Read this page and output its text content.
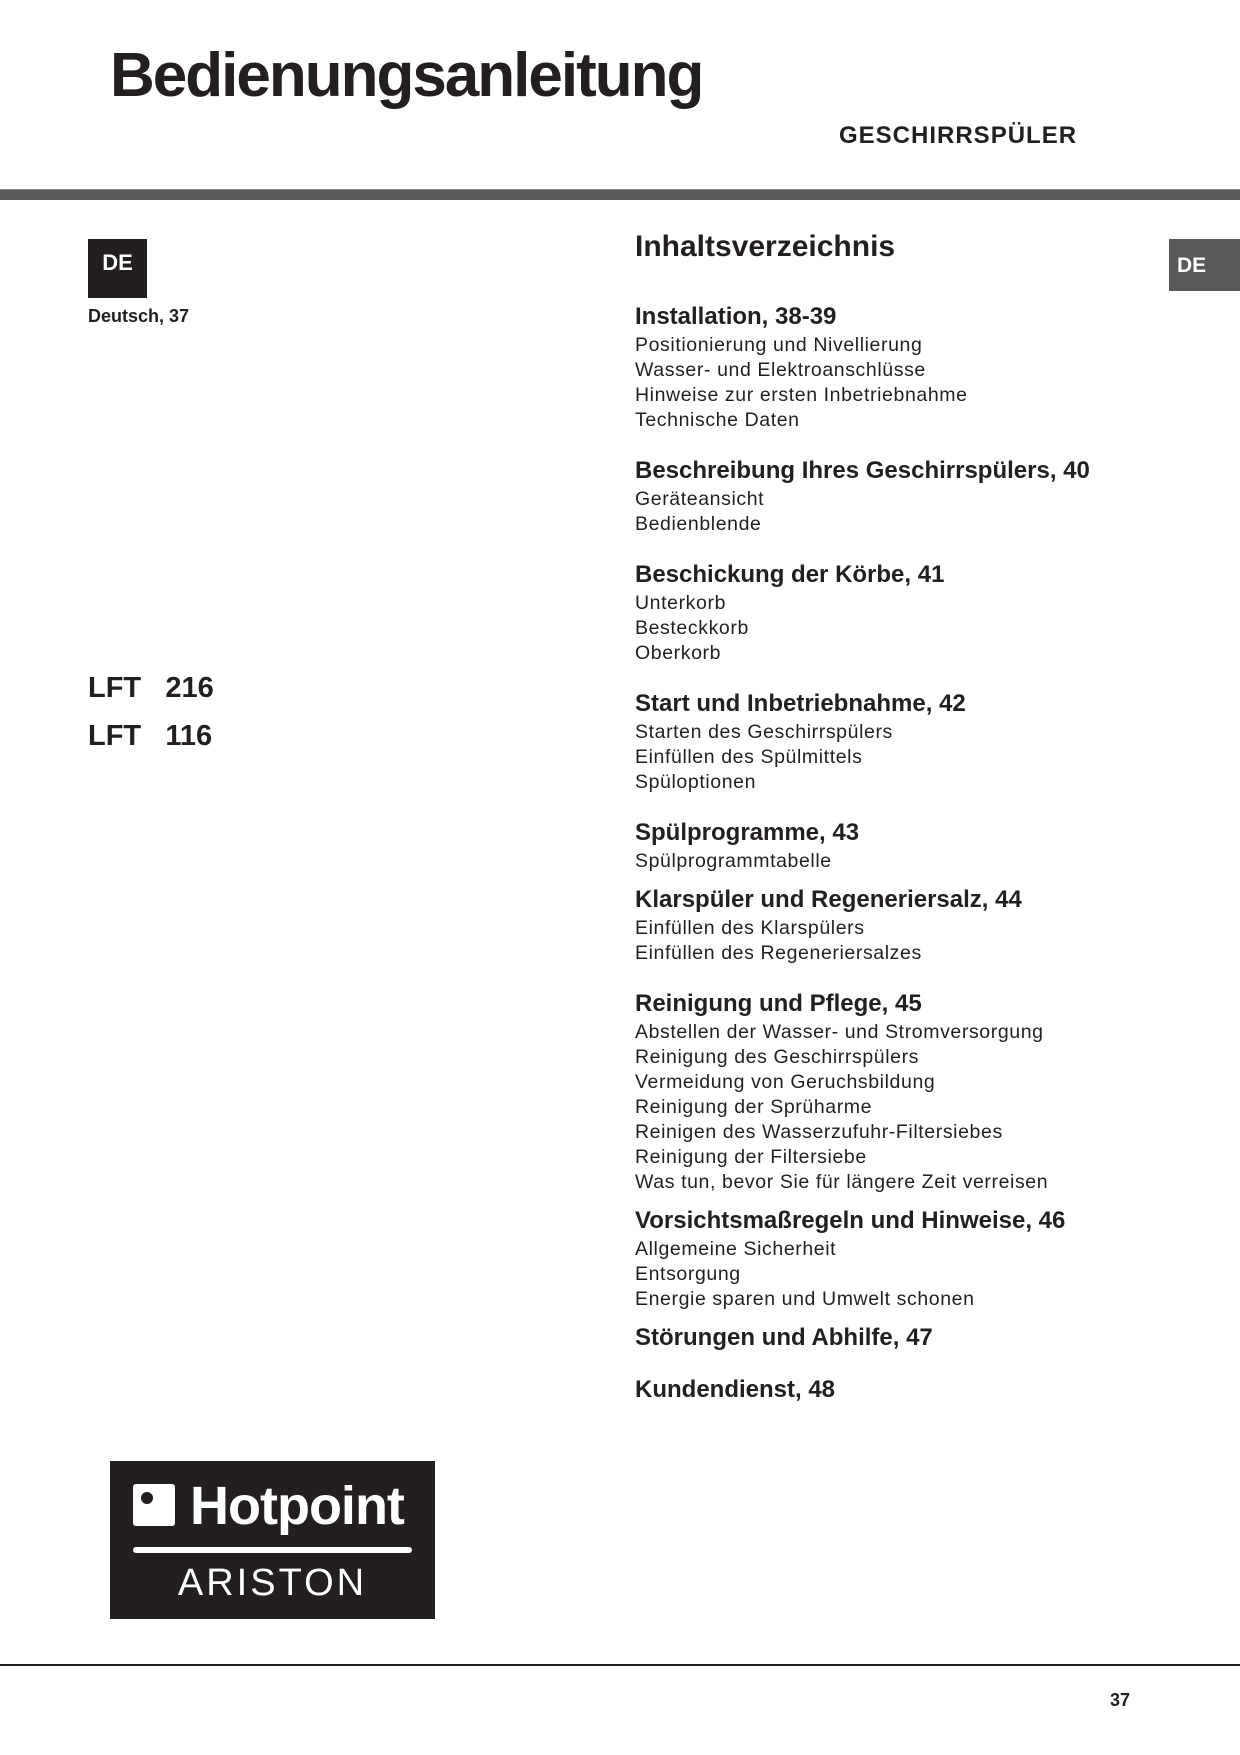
Bedienungsanleitung
GESCHIRRSPÜLER
DE
Deutsch, 37
DE
LFT   216
LFT   116
Inhaltsverzeichnis
Installation, 38-39
Positionierung und Nivellierung
Wasser- und Elektroanschlüsse
Hinweise zur ersten Inbetriebnahme
Technische Daten
Beschreibung Ihres Geschirrspülers, 40
Geräteansicht
Bedienblende
Beschickung der Körbe, 41
Unterkorb
Besteckkorb
Oberkorb
Start und Inbetriebnahme, 42
Starten des Geschirrspülers
Einfüllen des Spülmittels
Spüloptionen
Spülprogramme, 43
Spülprogrammtabelle
Klarspüler und Regeneriersalz, 44
Einfüllen des Klarspülers
Einfüllen des Regeneriersalzes
Reinigung und Pflege, 45
Abstellen der Wasser- und Stromversorgung
Reinigung des Geschirrspülers
Vermeidung von Geruchsbildung
Reinigung der Sprüharme
Reinigen des Wasserzufuhr-Filtersiebes
Reinigung der Filtersiebe
Was tun, bevor Sie für längere Zeit verreisen
Vorsichtsmaßregeln und Hinweise, 46
Allgemeine Sicherheit
Entsorgung
Energie sparen und Umwelt schonen
Störungen und Abhilfe, 47
Kundendienst, 48
Hotpoint
ARISTON
37
